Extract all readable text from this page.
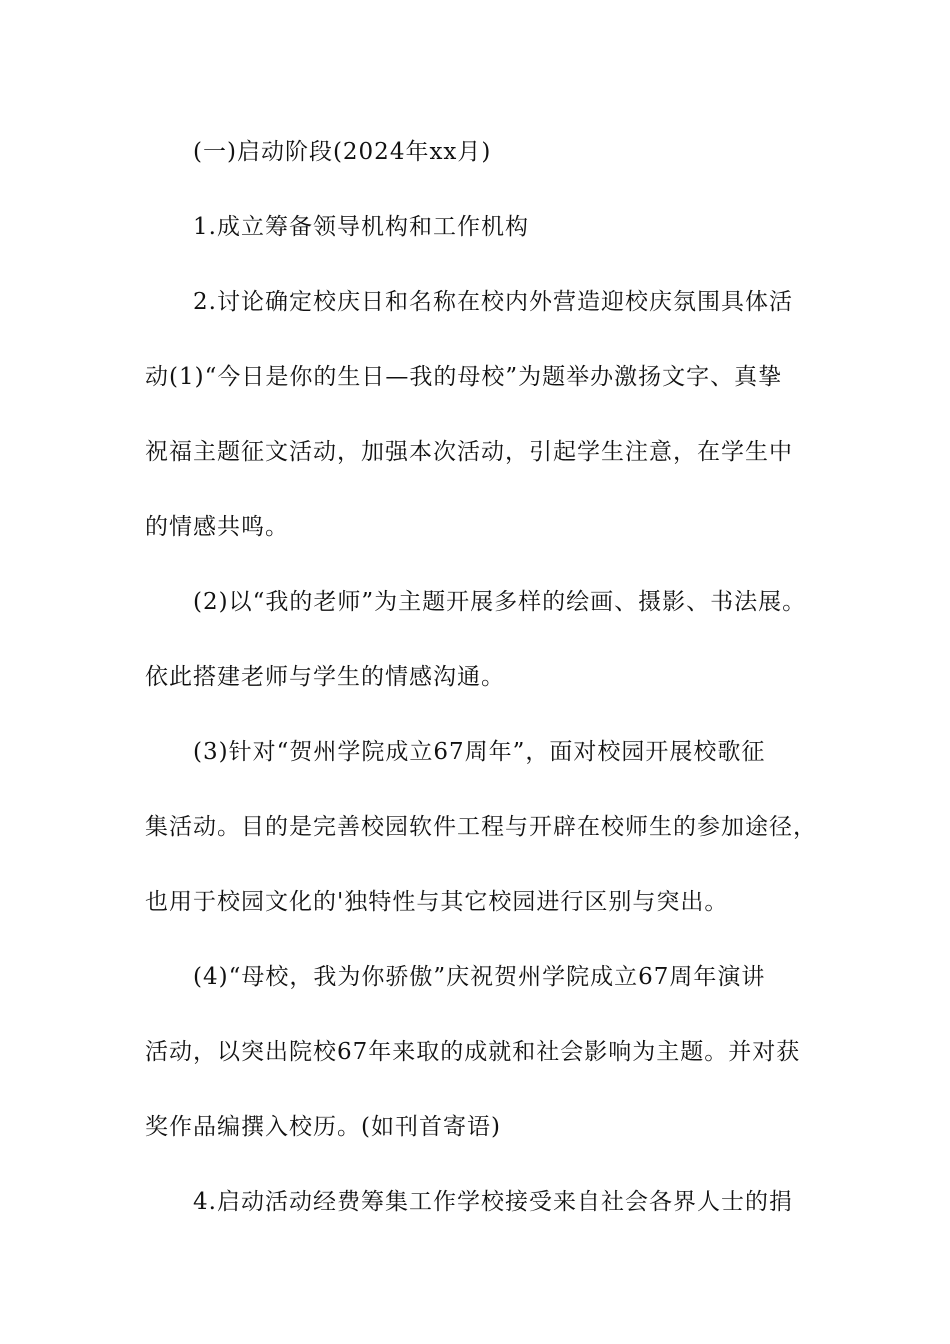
(一)启动阶段(2024年xx月)
1.成立筹备领导机构和工作机构
2.讨论确定校庆日和名称在校内外营造迎校庆氛围具体活
动(1)“今日是你的生日—我的母校”为题举办激扬文字、真挚
祝福主题征文活动，加强本次活动，引起学生注意，在学生中
的情感共鸣。
(2)以“我的老师”为主题开展多样的绘画、摄影、书法展。
依此搭建老师与学生的情感沟通。
(3)针对“贺州学院成立67周年”，面对校园开展校歌征
集活动。目的是完善校园软件工程与开辟在校师生的参加途径，
也用于校园文化的'独特性与其它校园进行区别与突出。
(4)“母校，我为你骄傲”庆祝贺州学院成立67周年演讲
活动，以突出院校67年来取的成就和社会影响为主题。并对获
奖作品编撰入校历。(如刊首寄语)
4.启动活动经费筹集工作学校接受来自社会各界人士的捐
